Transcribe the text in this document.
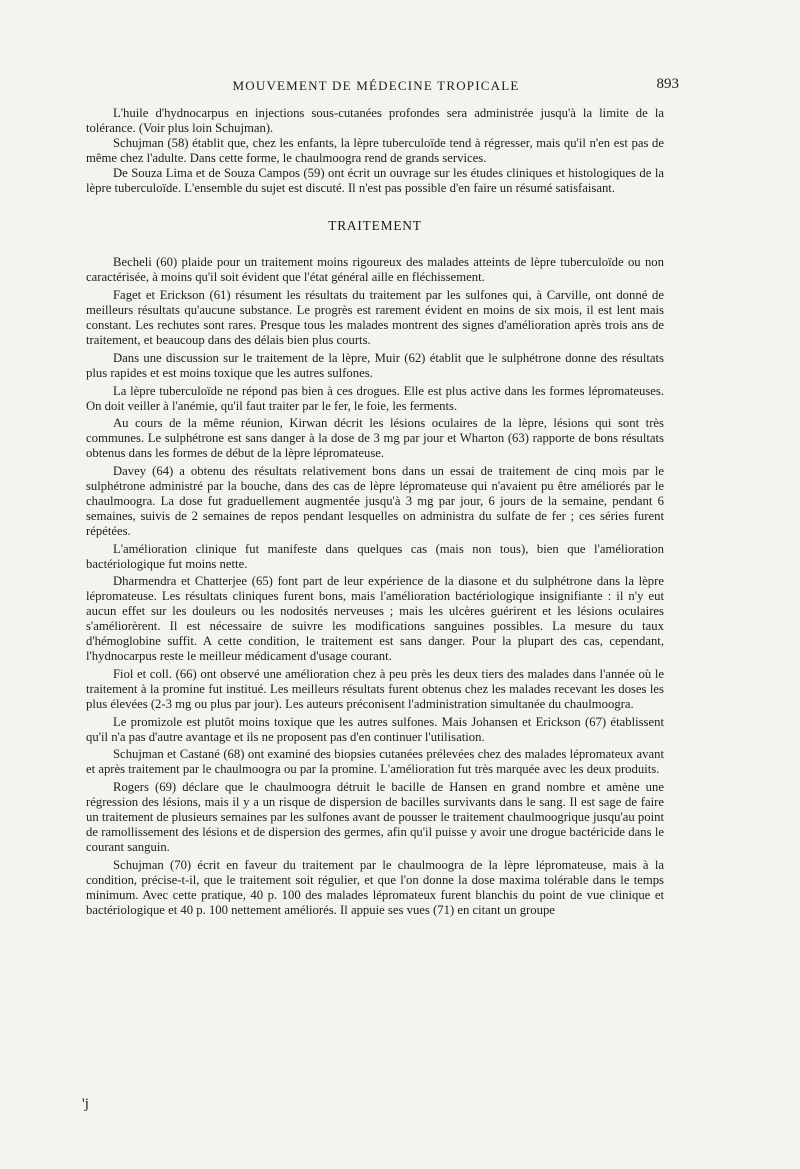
MOUVEMENT DE MÉDECINE TROPICALE	893

L'huile d'hydnocarpus en injections sous-cutanées profondes sera administrée jusqu'à la limite de la tolérance. (Voir plus loin Schujman).

Schujman (58) établit que, chez les enfants, la lèpre tuberculoïde tend à régresser, mais qu'il n'en est pas de même chez l'adulte. Dans cette forme, le chaulmoogra rend de grands services.

De Souza Lima et de Souza Campos (59) ont écrit un ouvrage sur les études cliniques et histologiques de la lèpre tuberculoïde. L'ensemble du sujet est discuté. Il n'est pas possible d'en faire un résumé satisfaisant.

TRAITEMENT

Becheli (60) plaide pour un traitement moins rigoureux des malades atteints de lèpre tuberculoïde ou non caractérisée, à moins qu'il soit évident que l'état général aille en fléchissement.

Faget et Erickson (61) résument les résultats du traitement par les sulfones qui, à Carville, ont donné de meilleurs résultats qu'aucune substance. Le progrès est rarement évident en moins de six mois, il est lent mais constant. Les rechutes sont rares. Presque tous les malades montrent des signes d'amélioration après trois ans de traitement, et beaucoup dans des délais bien plus courts.

Dans une discussion sur le traitement de la lèpre, Muir (62) établit que le sulphétrone donne des résultats plus rapides et est moins toxique que les autres sulfones.

La lèpre tuberculoïde ne répond pas bien à ces drogues. Elle est plus active dans les formes lépromateuses. On doit veiller à l'anémie, qu'il faut traiter par le fer, le foie, les ferments.

Au cours de la même réunion, Kirwan décrit les lésions oculaires de la lèpre, lésions qui sont très communes. Le sulphétrone est sans danger à la dose de 3 mg par jour et Wharton (63) rapporte de bons résultats obtenus dans les formes de début de la lèpre lépromateuse.

Davey (64) a obtenu des résultats relativement bons dans un essai de traitement de cinq mois par le sulphétrone administré par la bouche, dans des cas de lèpre lépromateuse qui n'avaient pu être améliorés par le chaulmoogra. La dose fut graduellement augmentée jusqu'à 3 mg par jour, 6 jours de la semaine, pendant 6 semaines, suivis de 2 semaines de repos pendant lesquelles on administra du sulfate de fer ; ces séries furent répétées.

L'amélioration clinique fut manifeste dans quelques cas (mais non tous), bien que l'amélioration bactériologique fut moins nette.

Dharmendra et Chatterjee (65) font part de leur expérience de la diasone et du sulphétrone dans la lèpre lépromateuse. Les résultats cliniques furent bons, mais l'amélioration bactériologique insignifiante : il n'y eut aucun effet sur les douleurs ou les nodosités nerveuses ; mais les ulcères guérirent et les lésions oculaires s'améliorèrent. Il est nécessaire de suivre les modifications sanguines possibles. La mesure du taux d'hémoglobine suffit. A cette condition, le traitement est sans danger. Pour la plupart des cas, cependant, l'hydnocarpus reste le meilleur médicament d'usage courant.

Fiol et coll. (66) ont observé une amélioration chez à peu près les deux tiers des malades dans l'année où le traitement à la promine fut institué. Les meilleurs résultats furent obtenus chez les malades recevant les doses les plus élevées (2-3 mg ou plus par jour). Les auteurs préconisent l'administration simultanée du chaulmoogra.

Le promizole est plutôt moins toxique que les autres sulfones. Mais Johansen et Erickson (67) établissent qu'il n'a pas d'autre avantage et ils ne proposent pas d'en continuer l'utilisation.

Schujman et Castané (68) ont examiné des biopsies cutanées prélevées chez des malades lépromateux avant et après traitement par le chaulmoogra ou par la promine. L'amélioration fut très marquée avec les deux produits.

Rogers (69) déclare que le chaulmoogra détruit le bacille de Hansen en grand nombre et amène une régression des lésions, mais il y a un risque de dispersion de bacilles survivants dans le sang. Il est sage de faire un traitement de plusieurs semaines par les sulfones avant de pousser le traitement chaulmoogrique jusqu'au point de ramollissement des lésions et de dispersion des germes, afin qu'il puisse y avoir une drogue bactéricide dans le courant sanguin.

Schujman (70) écrit en faveur du traitement par le chaulmoogra de la lèpre lépromateuse, mais à la condition, précise-t-il, que le traitement soit régulier, et que l'on donne la dose maxima tolérable dans le temps minimum. Avec cette pratique, 40 p. 100 des malades lépromateux furent blanchis du point de vue clinique et bactériologique et 40 p. 100 nettement améliorés. Il appuie ses vues (71) en citant un groupe

'j
